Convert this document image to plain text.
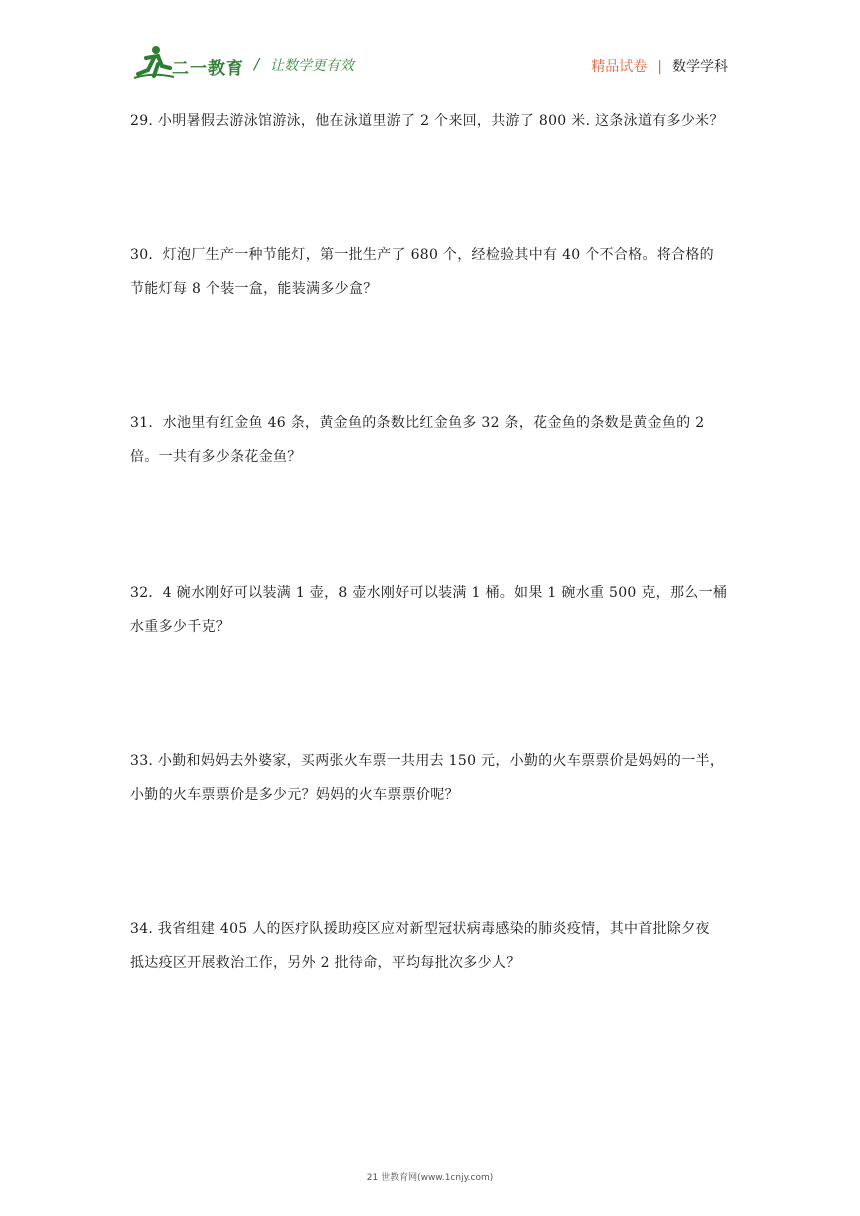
二一教育 / 让数学更有效	精品试卷 | 数学学科

29. 小明暑假去游泳馆游泳，他在泳道里游了 2 个来回，共游了 800 米. 这条泳道有多少米？

30．灯泡厂生产一种节能灯，第一批生产了 680 个，经检验其中有 40 个不合格。将合格的

节能灯每 8 个装一盒，能装满多少盒？

31．水池里有红金鱼 46 条，黄金鱼的条数比红金鱼多 32 条，花金鱼的条数是黄金鱼的 2

倍。一共有多少条花金鱼？

32．4 碗水刚好可以装满 1 壶，8 壶水刚好可以装满 1 桶。如果 1 碗水重 500 克，那么一桶

水重多少千克？

33. 小勤和妈妈去外婆家，买两张火车票一共用去 150 元，小勤的火车票票价是妈妈的一半，

小勤的火车票票价是多少元？妈妈的火车票票价呢？

34. 我省组建 405 人的医疗队援助疫区应对新型冠状病毒感染的肺炎疫情，其中首批除夕夜

抵达疫区开展救治工作，另外 2 批待命，平均每批次多少人？

21 世教育网(www.1cnjy.com)
